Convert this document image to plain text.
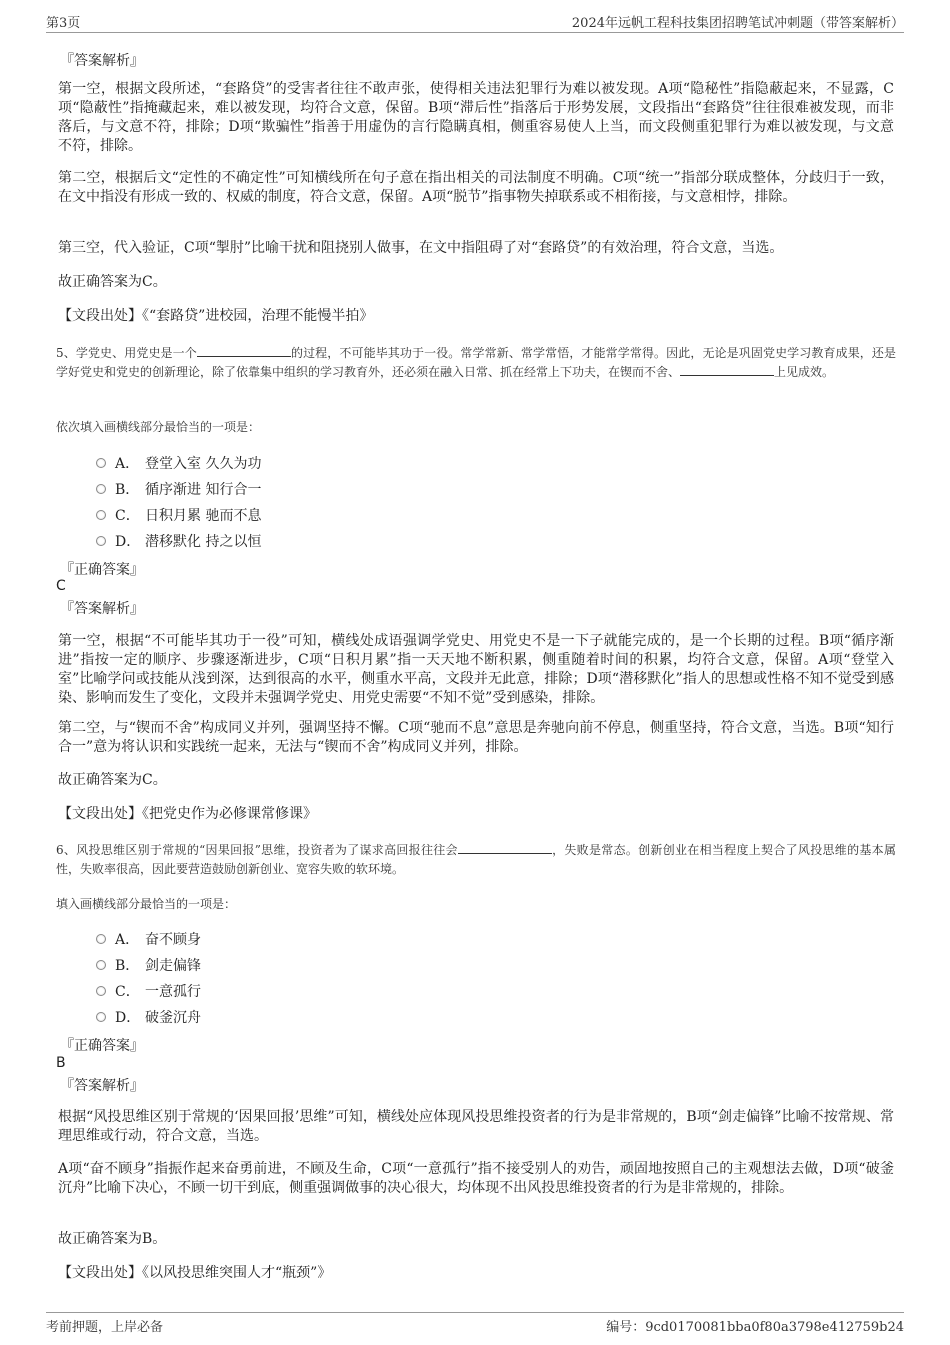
第3页	2024年远帆工程科技集团招聘笔试冲刺题（带答案解析）
『答案解析』

第一空，根据文段所述，“套路贷”的受害者往往不敢声张，使得相关违法犯罪行为难以被发现。A项“隐秘性”指隐蔽起来，不显露，C项“隐蔽性”指掩藏起来，难以被发现，均符合文意，保留。B项“滞后性”指落后于形势发展，文段指出“套路贷”往往很难被发现，而非落后，与文意不符，排除；D项“欺骗性”指善于用虚伪的言行隐瞒真相，侧重容易使人上当，而文段侧重犯罪行为难以被发现，与文意不符，排除。

第二空，根据后文“定性的不确定性”可知横线所在句子意在指出相关的司法制度不明确。C项“统一”指部分联成整体，分歧归于一致，在文中指没有形成一致的、权威的制度，符合文意，保留。A项“脱节”指事物失掉联系或不相衔接，与文意相悖，排除。

第三空，代入验证，C项“掣肘”比喻干扰和阻挠别人做事，在文中指阻碍了对“套路贷”的有效治理，符合文意，当选。

故正确答案为C。

【文段出处】《“套路贷”进校园，治理不能慢半拍》

5、学党史、用党史是一个	的过程，不可能毕其功于一役。常学常新、常学常悟，才能常学常得。因此，无论是巩固党史学习教育成果，还是学好党史和党史的创新理论，除了依靠集中组织的学习教育外，还必须在融入日常、抓在经常上下功夫，在锲而不舍、	上见成效。

依次填入画横线部分最恰当的一项是：
A． 登堂入室 久久为功
B． 循序渐进 知行合一
C． 日积月累 驰而不息
D． 潜移默化 持之以恒
『正确答案』
C
『答案解析』

第一空，根据“不可能毕其功于一役”可知，横线处成语强调学党史、用党史不是一下子就能完成的，是一个长期的过程。B项“循序渐进”指按一定的顺序、步骤逐渐进步，C项“日积月累”指一天天地不断积累，侧重随着时间的积累，均符合文意，保留。A项“登堂入室”比喻学问或技能从浅到深，达到很高的水平，侧重水平高，文段并无此意，排除；D项“潜移默化”指人的思想或性格不知不觉受到感染、影响而发生了变化，文段并未强调学党史、用党史需要“不知不觉”受到感染，排除。

第二空，与“锲而不舍”构成同义并列，强调坚持不懈。C项“驰而不息”意思是奔驰向前不停息，侧重坚持，符合文意，当选。B项“知行合一”意为将认识和实践统一起来，无法与“锲而不舍”构成同义并列，排除。

故正确答案为C。

【文段出处】《把党史作为必修课常修课》

6、风投思维区别于常规的“因果回报”思维，投资者为了谋求高回报往往会	，失败是常态。创新创业在相当程度上契合了风投思维的基本属性，失败率很高，因此要营造鼓励创新创业、宽容失败的软环境。

填入画横线部分最恰当的一项是：
A． 奋不顾身
B． 剑走偏锋
C． 一意孤行
D． 破釜沉舟
『正确答案』
B
『答案解析』

根据“风投思维区别于常规的‘因果回报’思维”可知，横线处应体现风投思维投资者的行为是非常规的，B项“剑走偏锋”比喻不按常规、常理思维或行动，符合文意，当选。

A项“奋不顾身”指振作起来奋勇前进，不顾及生命，C项“一意孤行”指不接受别人的劝告，顽固地按照自己的主观想法去做，D项“破釜沉舟”比喻下决心，不顾一切干到底，侧重强调做事的决心很大，均体现不出风投思维投资者的行为是非常规的，排除。

故正确答案为B。

【文段出处】《以风投思维突围人才“瓶颈”》

考前押题，上岸必备	编号：9cd0170081bba0f80a3798e412759b24
